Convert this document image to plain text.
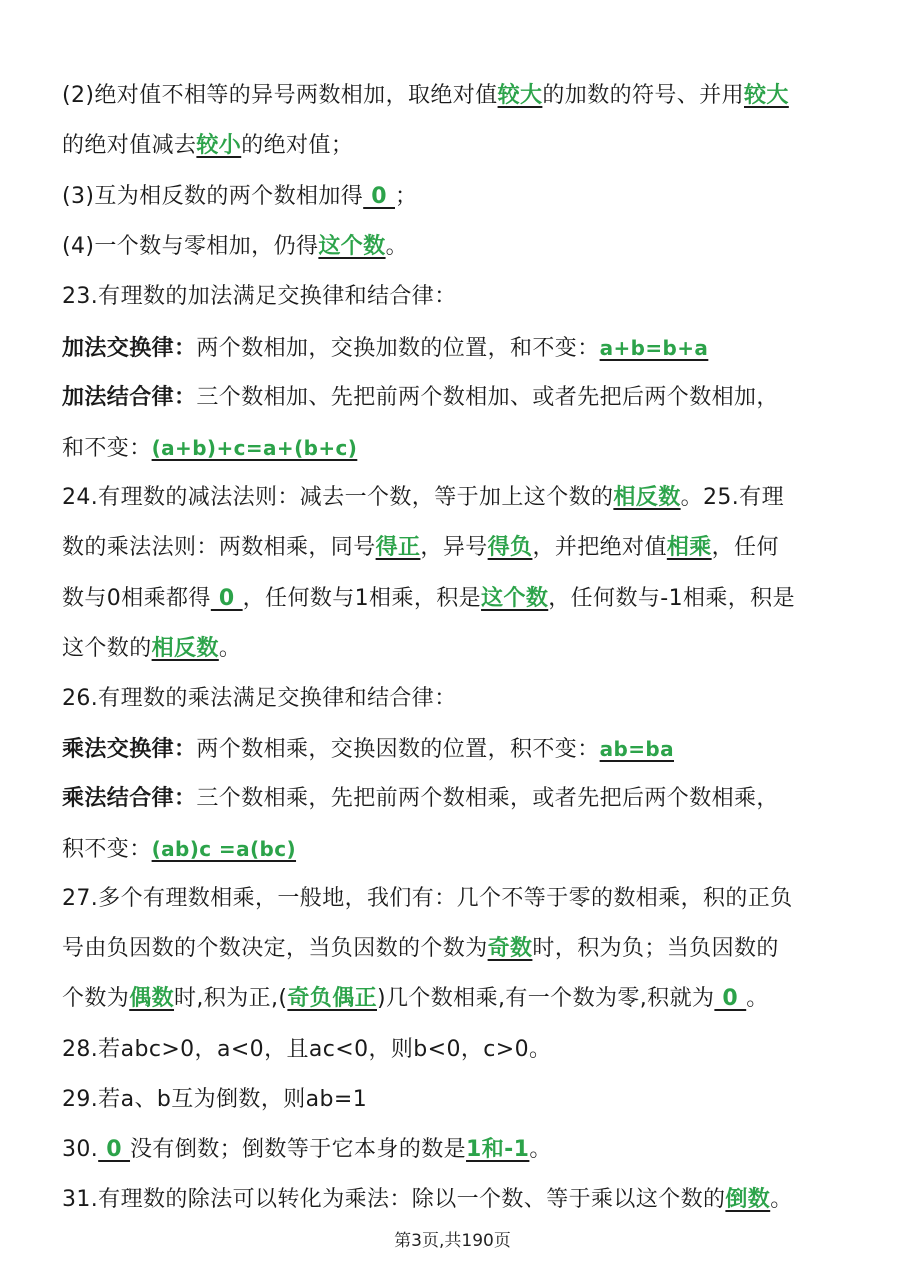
(2)绝对值不相等的异号两数相加，取绝对值较大的加数的符号、并用较大
的绝对值减去较小的绝对值；
(3)互为相反数的两个数相加得 0 ；
(4)一个数与零相加，仍得这个数。
23.有理数的加法满足交换律和结合律：
加法交换律：两个数相加，交换加数的位置，和不变：a+b=b+a
加法结合律：三个数相加、先把前两个数相加、或者先把后两个数相加，
和不变：(a+b)+c=a+(b+c)
24.有理数的减法法则：减去一个数，等于加上这个数的相反数。25.有理
数的乘法法则：两数相乘，同号得正，异号得负，并把绝对值相乘，任何
数与0相乘都得 0 ，任何数与1相乘，积是这个数，任何数与-1相乘，积是
这个数的相反数。
26.有理数的乘法满足交换律和结合律：
乘法交换律：两个数相乘，交换因数的位置，积不变：ab=ba
乘法结合律：三个数相乘，先把前两个数相乘，或者先把后两个数相乘，
积不变：(ab)c =a(bc)
27.多个有理数相乘，一般地，我们有：几个不等于零的数相乘，积的正负
号由负因数的个数决定，当负因数的个数为奇数时，积为负；当负因数的
个数为偶数时,积为正,(奇负偶正)几个数相乘,有一个数为零,积就为 0 。
28.若abc>0，a<0，且ac<0，则b<0，c>0。
29.若a、b互为倒数，则ab=1
30. 0 没有倒数；倒数等于它本身的数是1和-1。
31.有理数的除法可以转化为乘法：除以一个数、等于乘以这个数的倒数。
第3页,共190页
